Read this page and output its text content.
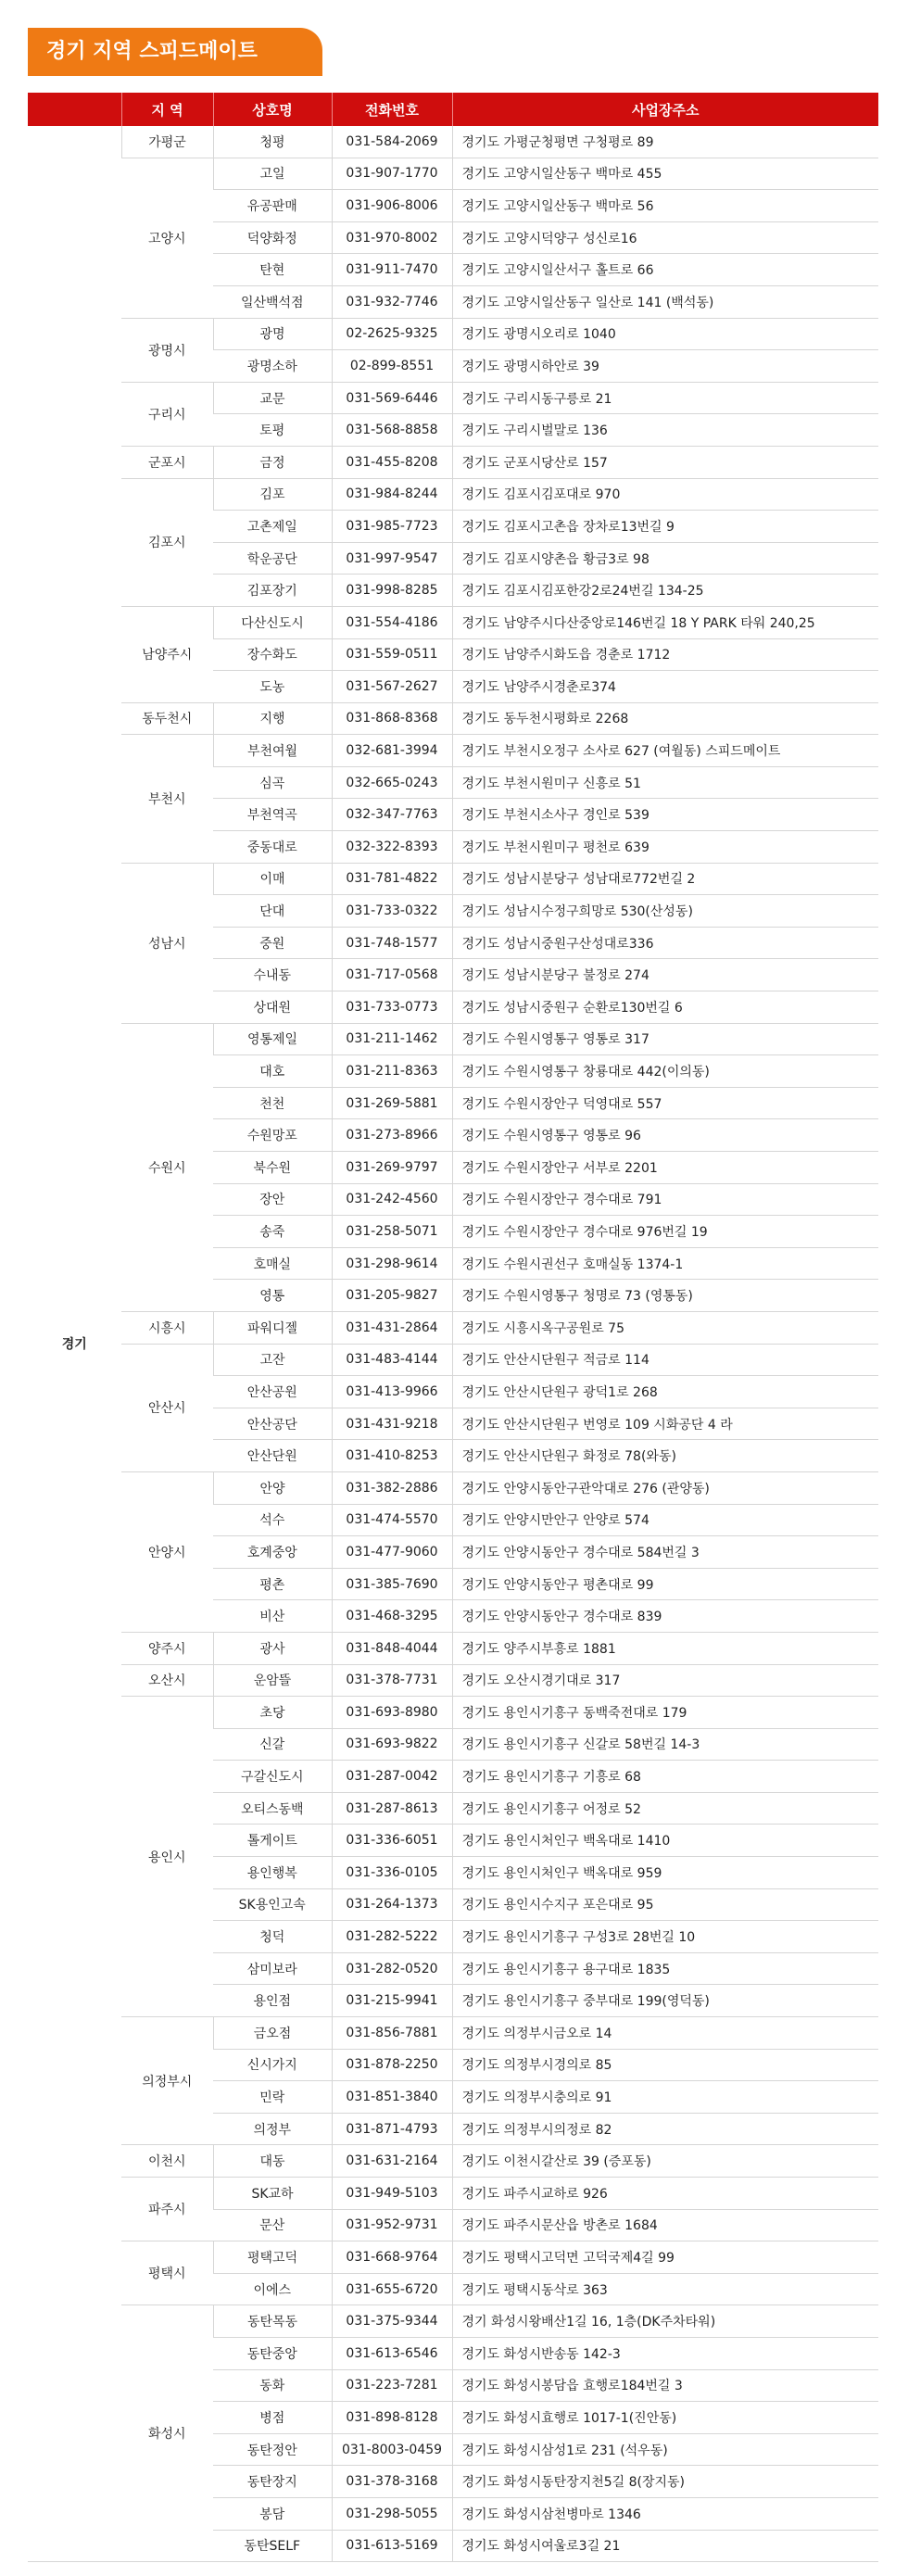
경기 지역 스피드메이트
	지 역	상호명	전화번호	사업장주소
경기	가평군	청평	031-584-2069	경기도 가평군청평면 구청평로 89
	고양시	고일	031-907-1770	경기도 고양시일산동구 백마로 455
		유공판매	031-906-8006	경기도 고양시일산동구 백마로 56
		덕양화정	031-970-8002	경기도 고양시덕양구 성신로16
		탄현	031-911-7470	경기도 고양시일산서구 홀트로 66
		일산백석점	031-932-7746	경기도 고양시일산동구 일산로 141 (백석동)
	광명시	광명	02-2625-9325	경기도 광명시오리로 1040
		광명소하	02-899-8551	경기도 광명시하안로 39
	구리시	교문	031-569-6446	경기도 구리시동구릉로 21
		토평	031-568-8858	경기도 구리시벌말로 136
	군포시	금정	031-455-8208	경기도 군포시당산로 157
	김포시	김포	031-984-8244	경기도 김포시김포대로 970
		고촌제일	031-985-7723	경기도 김포시고촌읍 장차로13번길 9
		학운공단	031-997-9547	경기도 김포시양촌읍 황금3로 98
		김포장기	031-998-8285	경기도 김포시김포한강2로24번길 134-25
	남양주시	다산신도시	031-554-4186	경기도 남양주시다산중앙로146번길 18 Y PARK 타워 240,25
		장수화도	031-559-0511	경기도 남양주시화도읍 경춘로 1712
		도농	031-567-2627	경기도 남양주시경춘로374
	동두천시	지행	031-868-8368	경기도 동두천시평화로 2268
	부천시	부천여월	032-681-3994	경기도 부천시오정구 소사로 627 (여월동) 스피드메이트
		심곡	032-665-0243	경기도 부천시원미구 신흥로 51
		부천역곡	032-347-7763	경기도 부천시소사구 경인로 539
		중동대로	032-322-8393	경기도 부천시원미구 평천로 639
	성남시	이매	031-781-4822	경기도 성남시분당구 성남대로772번길 2
		단대	031-733-0322	경기도 성남시수정구희망로 530(산성동)
		중원	031-748-1577	경기도 성남시중원구산성대로336
		수내동	031-717-0568	경기도 성남시분당구 불정로 274
		상대원	031-733-0773	경기도 성남시중원구 순환로130번길 6
	수원시	영통제일	031-211-1462	경기도 수원시영통구 영통로 317
		대호	031-211-8363	경기도 수원시영통구 창룡대로 442(이의동)
		천천	031-269-5881	경기도 수원시장안구 덕영대로 557
		수원망포	031-273-8966	경기도 수원시영통구 영통로 96
		북수원	031-269-9797	경기도 수원시장안구 서부로 2201
		장안	031-242-4560	경기도 수원시장안구 경수대로 791
		송죽	031-258-5071	경기도 수원시장안구 경수대로 976번길 19
		호매실	031-298-9614	경기도 수원시권선구 호매실동 1374-1
		영통	031-205-9827	경기도 수원시영통구 청명로 73 (영통동)
	시흥시	파워디젤	031-431-2864	경기도 시흥시옥구공원로 75
	안산시	고잔	031-483-4144	경기도 안산시단원구 적금로 114
		안산공원	031-413-9966	경기도 안산시단원구 광덕1로 268
		안산공단	031-431-9218	경기도 안산시단원구 번영로 109 시화공단 4 라
		안산단원	031-410-8253	경기도 안산시단원구 화정로 78(와동)
	안양시	안양	031-382-2886	경기도 안양시동안구관악대로 276 (관양동)
		석수	031-474-5570	경기도 안양시만안구 안양로 574
		호계중앙	031-477-9060	경기도 안양시동안구 경수대로 584번길 3
		평촌	031-385-7690	경기도 안양시동안구 평촌대로 99
		비산	031-468-3295	경기도 안양시동안구 경수대로 839
	양주시	광사	031-848-4044	경기도 양주시부흥로 1881
	오산시	운암뜰	031-378-7731	경기도 오산시경기대로 317
	용인시	초당	031-693-8980	경기도 용인시기흥구 동백죽전대로 179
		신갈	031-693-9822	경기도 용인시기흥구 신갈로 58번길 14-3
		구갈신도시	031-287-0042	경기도 용인시기흥구 기흥로 68
		오티스동백	031-287-8613	경기도 용인시기흥구 어정로 52
		톨게이트	031-336-6051	경기도 용인시처인구 백옥대로 1410
		용인행복	031-336-0105	경기도 용인시처인구 백옥대로 959
		SK용인고속	031-264-1373	경기도 용인시수지구 포은대로 95
		청덕	031-282-5222	경기도 용인시기흥구 구성3로 28번길 10
		삼미보라	031-282-0520	경기도 용인시기흥구 용구대로 1835
		용인점	031-215-9941	경기도 용인시기흥구 중부대로 199(영덕동)
	의정부시	금오점	031-856-7881	경기도 의정부시금오로 14
		신시가지	031-878-2250	경기도 의정부시경의로 85
		민락	031-851-3840	경기도 의정부시충의로 91
		의정부	031-871-4793	경기도 의정부시의정로 82
	이천시	대동	031-631-2164	경기도 이천시갈산로 39 (증포동)
	파주시	SK교하	031-949-5103	경기도 파주시교하로 926
		문산	031-952-9731	경기도 파주시문산읍 방촌로 1684
	평택시	평택고덕	031-668-9764	경기도 평택시고덕면 고덕국제4길 99
		이에스	031-655-6720	경기도 평택시동삭로 363
	화성시	동탄목동	031-375-9344	경기 화성시왕배산1길 16, 1층(DK주차타워)
		동탄중앙	031-613-6546	경기도 화성시반송동 142-3
		동화	031-223-7281	경기도 화성시봉담읍 효행로184번길 3
		병점	031-898-8128	경기도 화성시효행로 1017-1(진안동)
		동탄정안	031-8003-0459	경기도 화성시삼성1로 231 (석우동)
		동탄장지	031-378-3168	경기도 화성시동탄장지천5길 8(장지동)
		봉담	031-298-5055	경기도 화성시삼천병마로 1346
		동탄SELF	031-613-5169	경기도 화성시여울로3길 21
